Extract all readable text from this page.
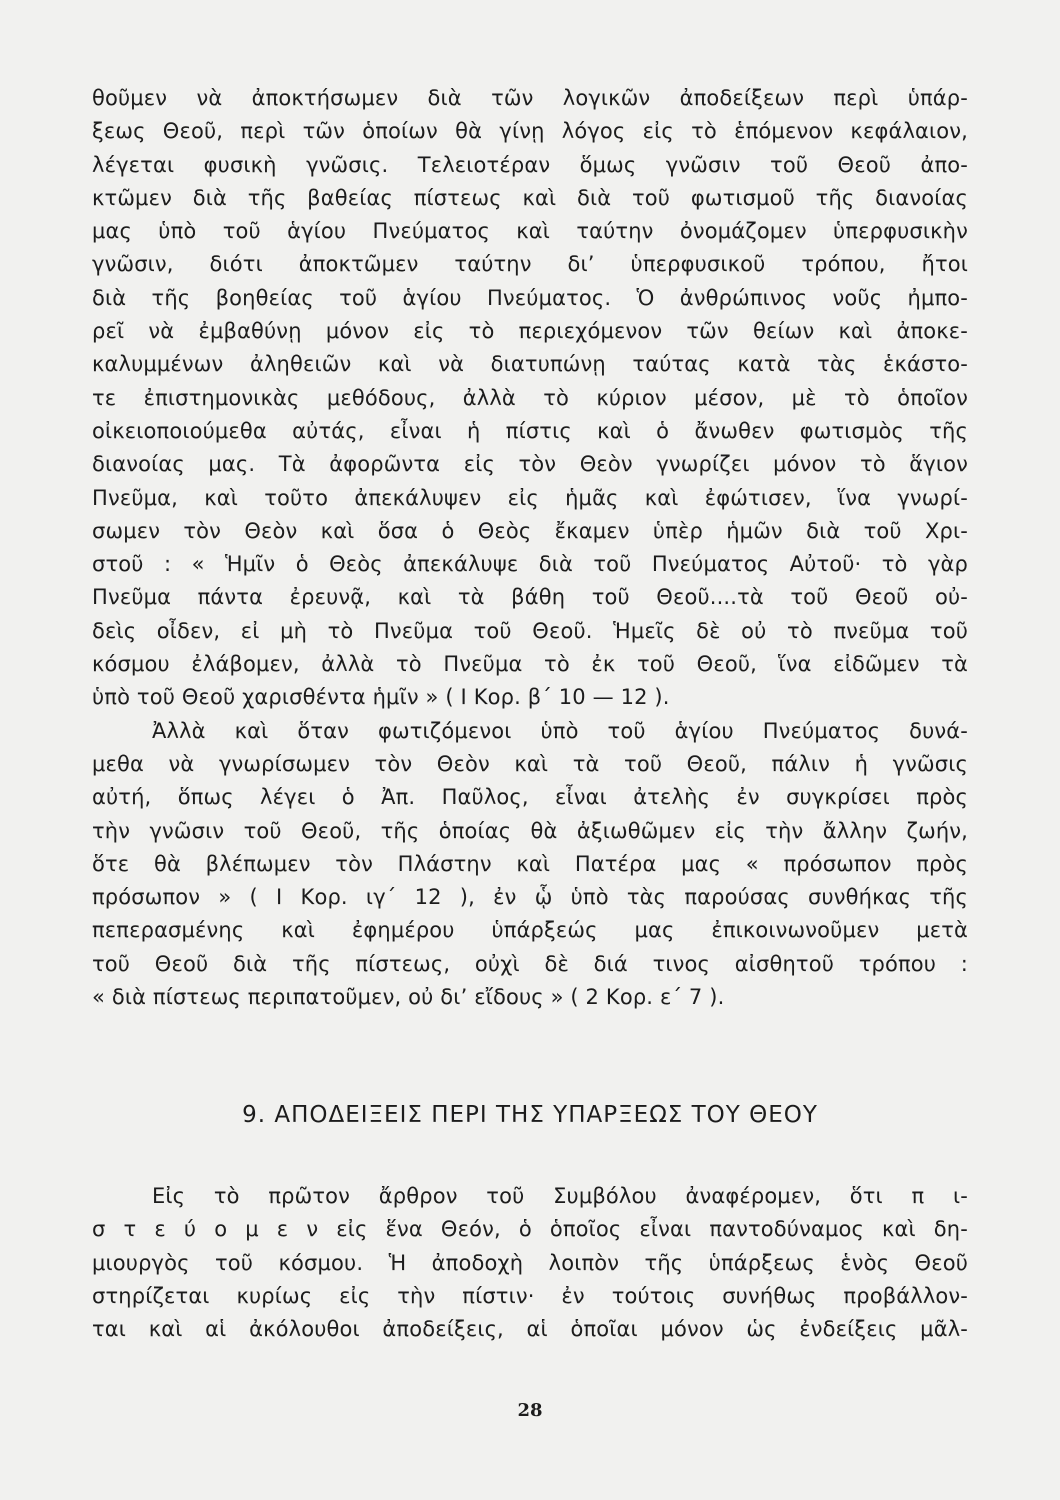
θοῦμεν νὰ ἀποκτήσωμεν διὰ τῶν λογικῶν ἀποδείξεων περὶ ὑπάρ-
ξεως Θεοῦ, περὶ τῶν ὁποίων θὰ γίνῃ λόγος εἰς τὸ ἑπόμενον κεφάλαιον,
λέγεται φυσικὴ γνῶσις. Τελειοτέραν ὅμως γνῶσιν τοῦ Θεοῦ ἀπο-
κτῶμεν διὰ τῆς βαθείας πίστεως καὶ διὰ τοῦ φωτισμοῦ τῆς διανοίας
μας ὑπὸ τοῦ ἁγίου Πνεύματος καὶ ταύτην ὀνομάζομεν ὑπερφυσικὴν
γνῶσιν, διότι ἀποκτῶμεν ταύτην δι’ ὑπερφυσικοῦ τρόπου, ἤτοι
διὰ τῆς βοηθείας τοῦ ἁγίου Πνεύματος. Ὁ ἀνθρώπινος νοῦς ἠμπο-
ρεῖ νὰ ἐμβαθύνῃ μόνον εἰς τὸ περιεχόμενον τῶν θείων καὶ ἀποκε-
καλυμμένων ἀληθειῶν καὶ νὰ διατυπώνῃ ταύτας κατὰ τὰς ἑκάστο-
τε ἐπιστημονικὰς μεθόδους, ἀλλὰ τὸ κύριον μέσον, μὲ τὸ ὁποῖον
οἰκειοποιούμεθα αὐτάς, εἶναι ἡ πίστις καὶ ὁ ἄνωθεν φωτισμὸς τῆς
διανοίας μας. Τὰ ἀφορῶντα εἰς τὸν Θεὸν γνωρίζει μόνον τὸ ἅγιον
Πνεῦμα, καὶ τοῦτο ἀπεκάλυψεν εἰς ἡμᾶς καὶ ἐφώτισεν, ἵνα γνωρί-
σωμεν τὸν Θεὸν καὶ ὅσα ὁ Θεὸς ἔκαμεν ὑπὲρ ἡμῶν διὰ τοῦ Χρι-
στοῦ : « Ἡμῖν ὁ Θεὸς ἀπεκάλυψε διὰ τοῦ Πνεύματος Αὐτοῦ· τὸ γὰρ
Πνεῦμα πάντα ἐρευνᾷ, καὶ τὰ βάθη τοῦ Θεοῦ....τὰ τοῦ Θεοῦ οὐ-
δεὶς οἶδεν, εἰ μὴ τὸ Πνεῦμα τοῦ Θεοῦ. Ἡμεῖς δὲ οὐ τὸ πνεῦμα τοῦ
κόσμου ἐλάβομεν, ἀλλὰ τὸ Πνεῦμα τὸ ἐκ τοῦ Θεοῦ, ἵνα εἰδῶμεν τὰ
ὑπὸ τοῦ Θεοῦ χαρισθέντα ἡμῖν » ( Ι Κορ. β΄ 10 — 12 ).
Ἀλλὰ καὶ ὅταν φωτιζόμενοι ὑπὸ τοῦ ἁγίου Πνεύματος δυνά-
μεθα νὰ γνωρίσωμεν τὸν Θεὸν καὶ τὰ τοῦ Θεοῦ, πάλιν ἡ γνῶσις
αὐτή, ὅπως λέγει ὁ Ἀπ. Παῦλος, εἶναι ἀτελὴς ἐν συγκρίσει πρὸς
τὴν γνῶσιν τοῦ Θεοῦ, τῆς ὁποίας θὰ ἀξιωθῶμεν εἰς τὴν ἄλλην ζωήν,
ὅτε θὰ βλέπωμεν τὸν Πλάστην καὶ Πατέρα μας « πρόσωπον πρὸς
πρόσωπον » ( Ι Κορ. ιγ΄ 12 ), ἐν ᾧ ὑπὸ τὰς παρούσας συνθήκας τῆς
πεπερασμένης καὶ ἐφημέρου ὑπάρξεώς μας ἐπικοινωνοῦμεν μετὰ
τοῦ Θεοῦ διὰ τῆς πίστεως, οὐχὶ δὲ διά τινος αἰσθητοῦ τρόπου :
« διὰ πίστεως περιπατοῦμεν, οὐ δι’ εἴδους » ( 2 Κορ. ε΄ 7 ).
9. ΑΠΟΔΕΙΞΕΙΣ ΠΕΡΙ ΤΗΣ ΥΠΑΡΞΕΩΣ ΤΟΥ ΘΕΟΥ
Εἰς τὸ πρῶτον ἄρθρον τοῦ Συμβόλου ἀναφέρομεν, ὅτι π ι-
σ τ ε ύ ο μ ε ν εἰς ἕνα Θεόν, ὁ ὁποῖος εἶναι παντοδύναμος καὶ δη-
μιουργὸς τοῦ κόσμου. Ἡ ἀποδοχὴ λοιπὸν τῆς ὑπάρξεως ἑνὸς Θεοῦ
στηρίζεται κυρίως εἰς τὴν πίστιν· ἐν τούτοις συνήθως προβάλλον-
ται καὶ αἱ ἀκόλουθοι ἀποδείξεις, αἱ ὁποῖαι μόνον ὡς ἐνδείξεις μᾶλ-
28
